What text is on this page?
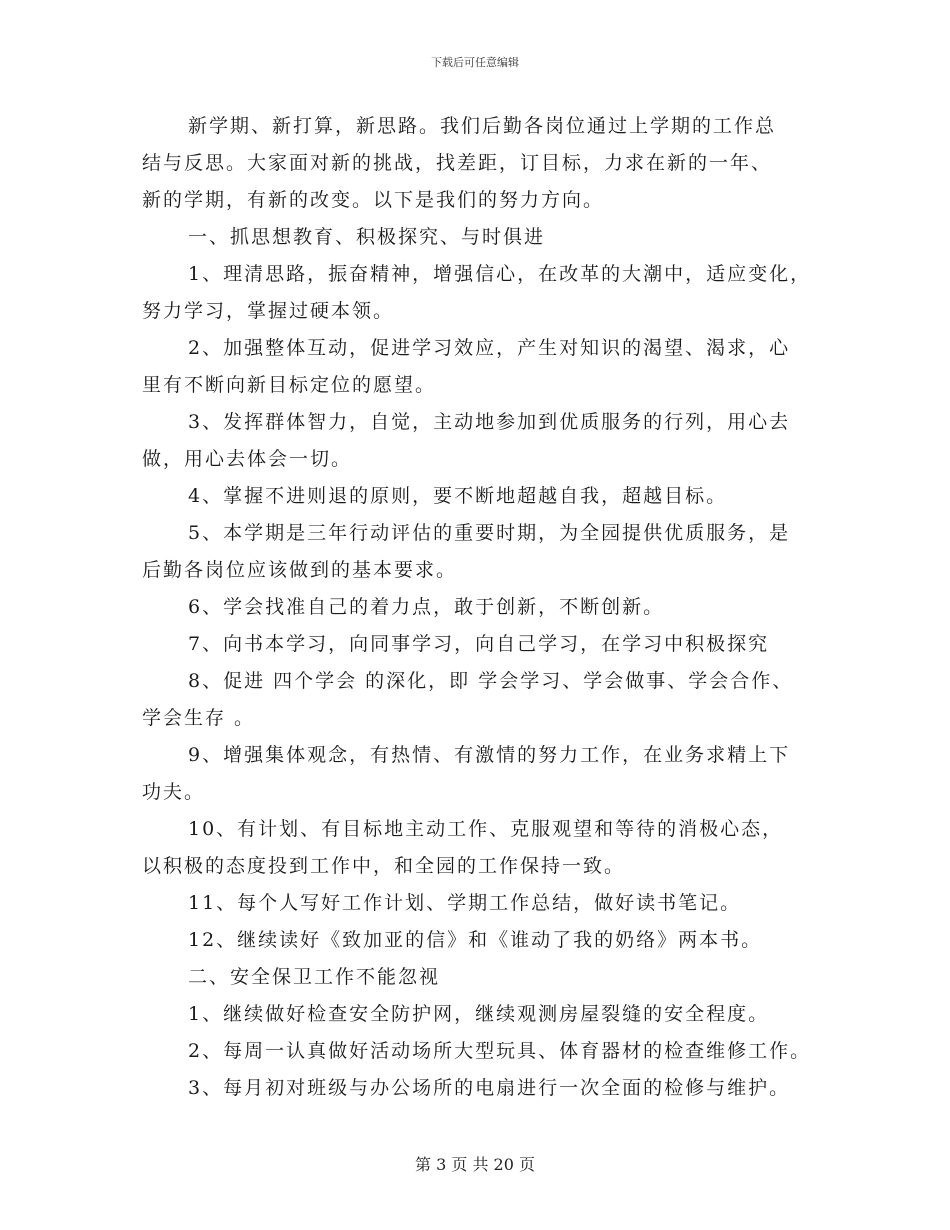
下载后可任意编辑
新学期、新打算，新思路。我们后勤各岗位通过上学期的工作总
结与反思。大家面对新的挑战，找差距，订目标，力求在新的一年、
新的学期，有新的改变。以下是我们的努力方向。
一、抓思想教育、积极探究、与时俱进
1、理清思路，振奋精神，增强信心，在改革的大潮中，适应变化，
努力学习，掌握过硬本领。
2、加强整体互动，促进学习效应，产生对知识的渴望、渴求，心
里有不断向新目标定位的愿望。
3、发挥群体智力，自觉，主动地参加到优质服务的行列，用心去
做，用心去体会一切。
4、掌握不进则退的原则，要不断地超越自我，超越目标。
5、本学期是三年行动评估的重要时期，为全园提供优质服务，是
后勤各岗位应该做到的基本要求。
6、学会找准自己的着力点，敢于创新，不断创新。
7、向书本学习，向同事学习，向自己学习，在学习中积极探究
8、促进 四个学会 的深化，即 学会学习、学会做事、学会合作、
学会生存 。
9、增强集体观念，有热情、有激情的努力工作，在业务求精上下
功夫。
10、有计划、有目标地主动工作、克服观望和等待的消极心态，
以积极的态度投到工作中，和全园的工作保持一致。
11、每个人写好工作计划、学期工作总结，做好读书笔记。
12、继续读好《致加亚的信》和《谁动了我的奶络》两本书。
二、安全保卫工作不能忽视
1、继续做好检查安全防护网，继续观测房屋裂缝的安全程度。
2、每周一认真做好活动场所大型玩具、体育器材的检查维修工作。
3、每月初对班级与办公场所的电扇进行一次全面的检修与维护。
第 3 页 共 20 页
